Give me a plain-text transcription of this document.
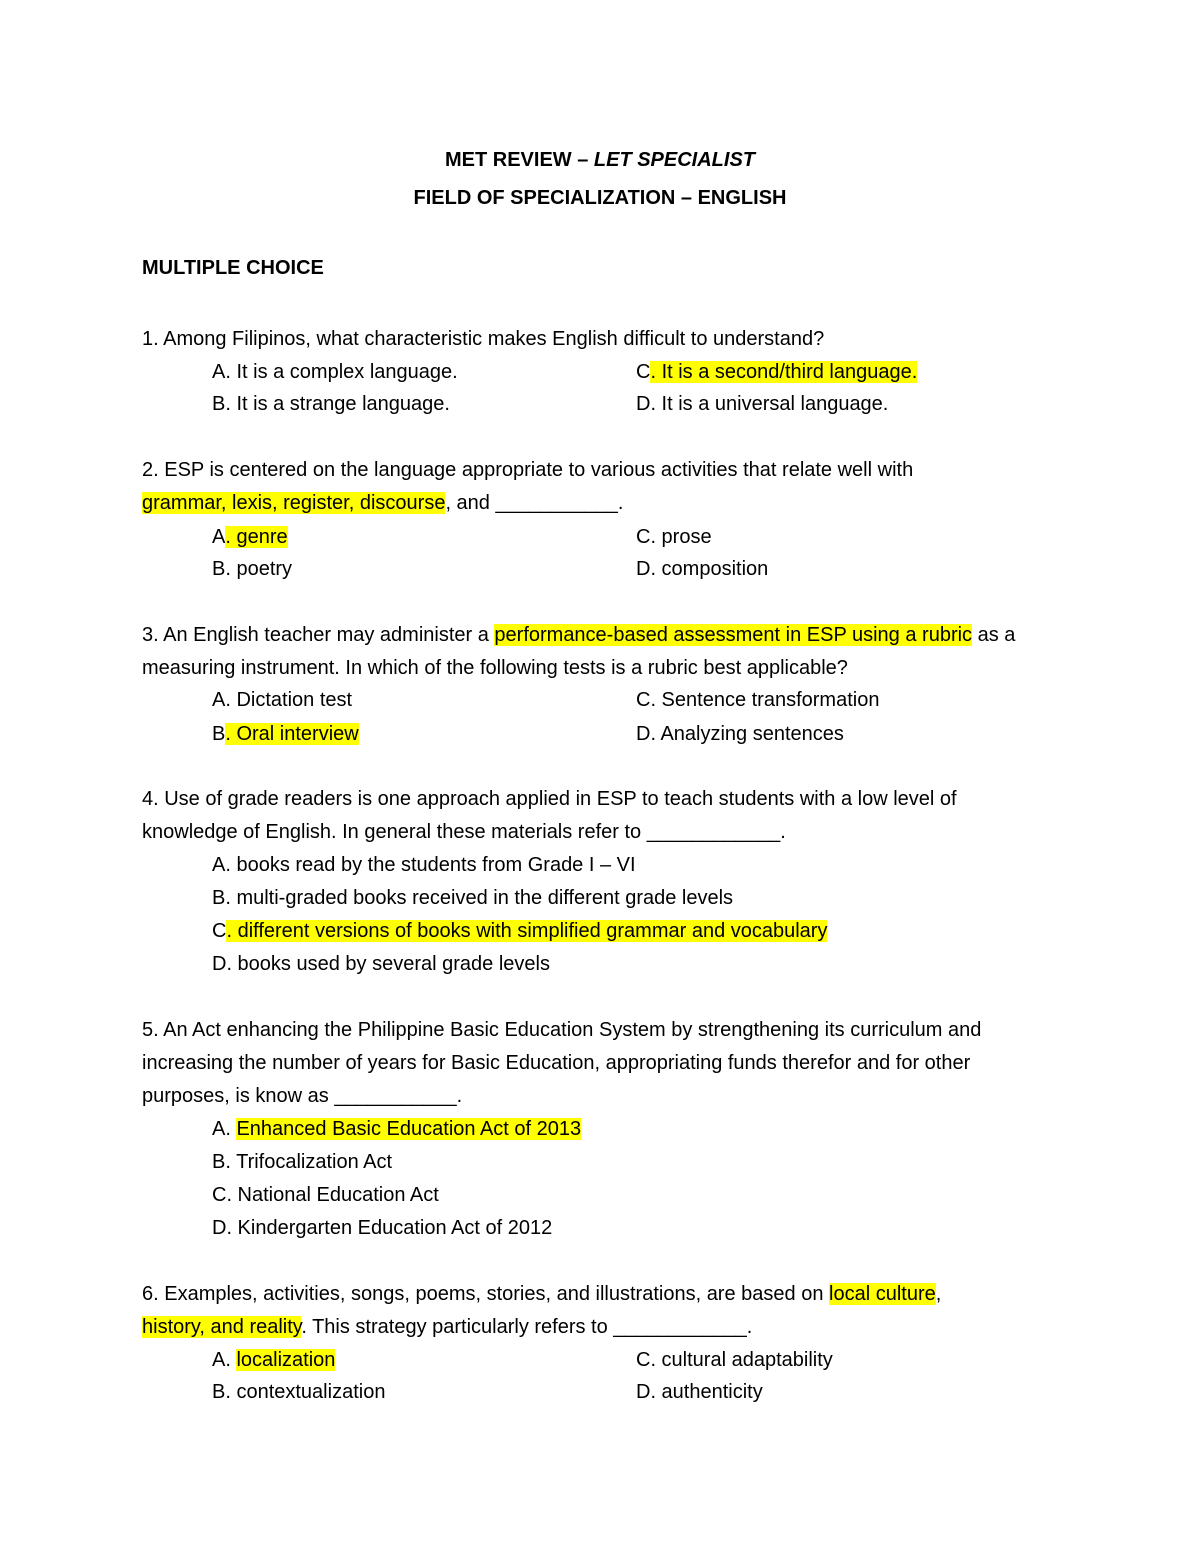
MET REVIEW – LET SPECIALIST
FIELD OF SPECIALIZATION – ENGLISH
MULTIPLE CHOICE
1. Among Filipinos, what characteristic makes English difficult to understand?
A. It is a complex language.	C. It is a second/third language.
B. It is a strange language.	D. It is a universal language.
2. ESP is centered on the language appropriate to various activities that relate well with
grammar, lexis, register, discourse, and ___________.
A. genre	C. prose
B. poetry	D. composition
3. An English teacher may administer a performance-based assessment in ESP using a rubric as a
measuring instrument. In which of the following tests is a rubric best applicable?
A. Dictation test	C. Sentence transformation
B. Oral interview	D. Analyzing sentences
4. Use of grade readers is one approach applied in ESP to teach students with a low level of
knowledge of English. In general these materials refer to ____________.
A. books read by the students from Grade I – VI
B. multi-graded books received in the different grade levels
C. different versions of books with simplified grammar and vocabulary
D. books used by several grade levels
5. An Act enhancing the Philippine Basic Education System by strengthening its curriculum and
increasing the number of years for Basic Education, appropriating funds therefor and for other
purposes, is know as ___________.
A. Enhanced Basic Education Act of 2013
B. Trifocalization Act
C. National Education Act
D. Kindergarten Education Act of 2012
6. Examples, activities, songs, poems, stories, and illustrations, are based on local culture,
history, and reality. This strategy particularly refers to ____________.
A. localization	C. cultural adaptability
B. contextualization	D. authenticity
